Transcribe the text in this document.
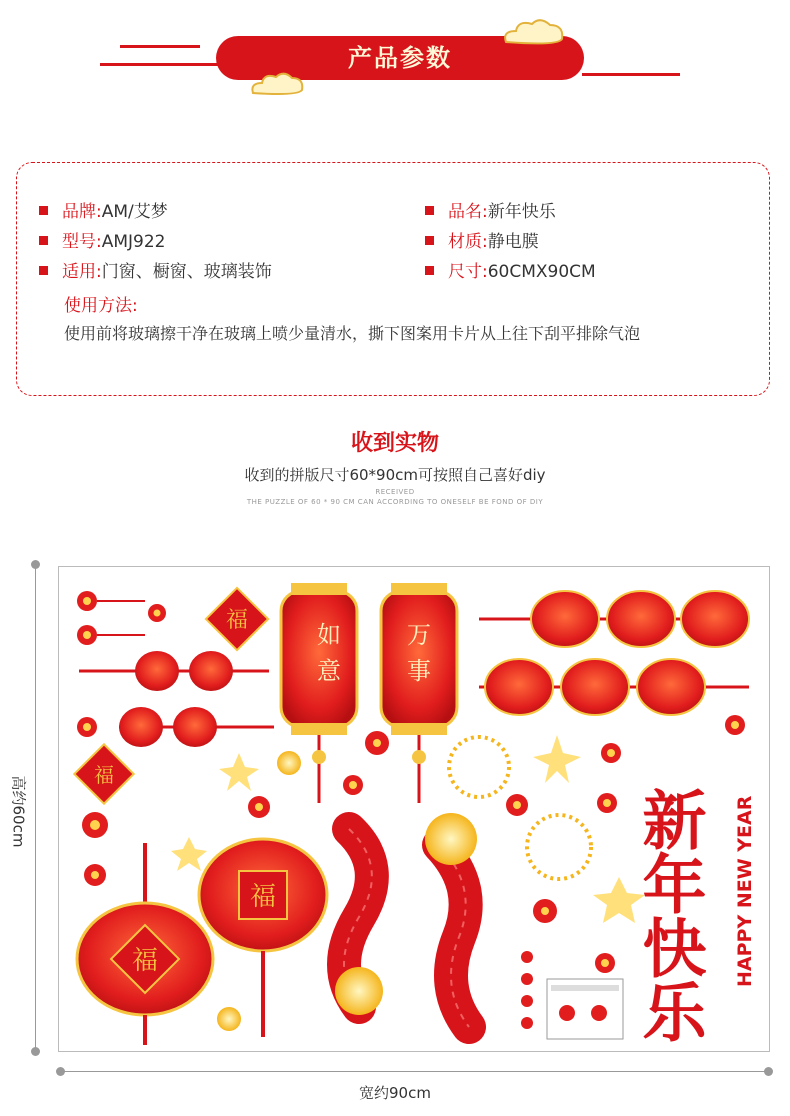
产品参数
品牌:AM/艾梦
型号:AMJ922
适用:门窗、橱窗、玻璃装饰
品名:新年快乐
材质:静电膜
尺寸:60CMX90CM
使用方法:
使用前将玻璃擦干净在玻璃上喷少量清水，撕下图案用卡片从上往下刮平排除气泡
收到实物
收到的拼版尺寸60*90cm可按照自己喜好diy
RECEIVED
THE PUZZLE OF 60 * 90 CM CAN ACCORDING TO ONESELF BE FOND OF DIY
高约60cm
宽约90cm
福
福
如
意
万
事
福
福	新年快乐 HAPPY NEW YEAR
